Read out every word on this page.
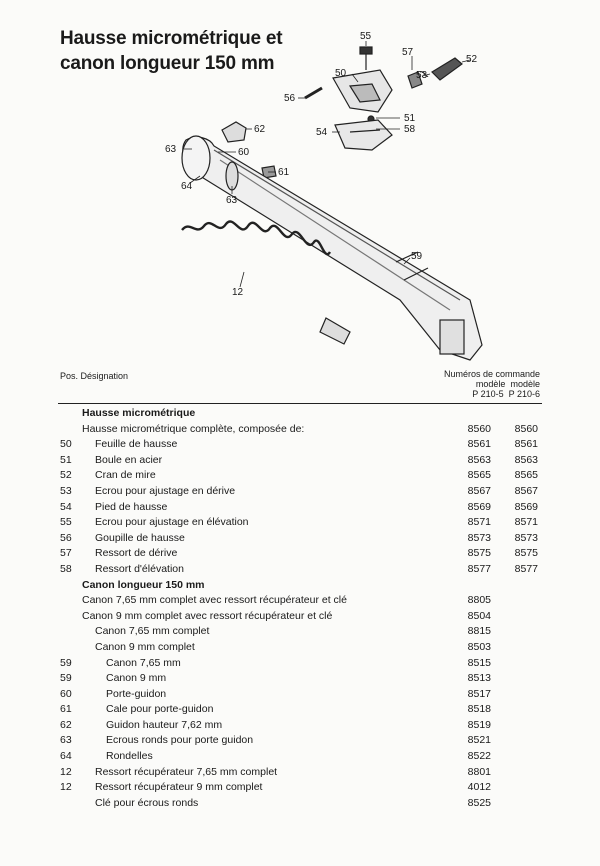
Hausse micrométrique et
canon longueur 150 mm
55
57
52
50	53
56
51
58
54
62
63	60
61
64
63
59
12
Pos. Désignation	Numéros de commande
modèle modèle
P 210-5 P 210-6
Hausse micrométrique
Hausse micrométrique complète, composée de:	8560	8560
50 Feuille de hausse	8561	8561
51 Boule en acier	8563	8563
52 Cran de mire	8565	8565
53 Ecrou pour ajustage en dérive	8567	8567
54 Pied de hausse	8569	8569
55 Ecrou pour ajustage en élévation	8571	8571
56 Goupille de hausse	8573	8573
57 Ressort de dérive	8575	8575
58 Ressort d'élévation	8577	8577
Canon longueur 150 mm
Canon 7,65 mm complet avec ressort récupérateur et clé	8805
Canon 9 mm complet avec ressort récupérateur et clé	8504
Canon 7,65 mm complet	8815
Canon 9 mm complet	8503
59	Canon 7,65 mm	8515
59	Canon 9 mm	8513
60	Porte-guidon	8517
61	Cale pour porte-guidon	8518
62	Guidon hauteur 7,62 mm	8519
63	Ecrous ronds pour porte guidon	8521
64	Rondelles	8522
12 Ressort récupérateur 7,65 mm complet	8801
12 Ressort récupérateur 9 mm complet	4012
Clé pour écrous ronds	8525
